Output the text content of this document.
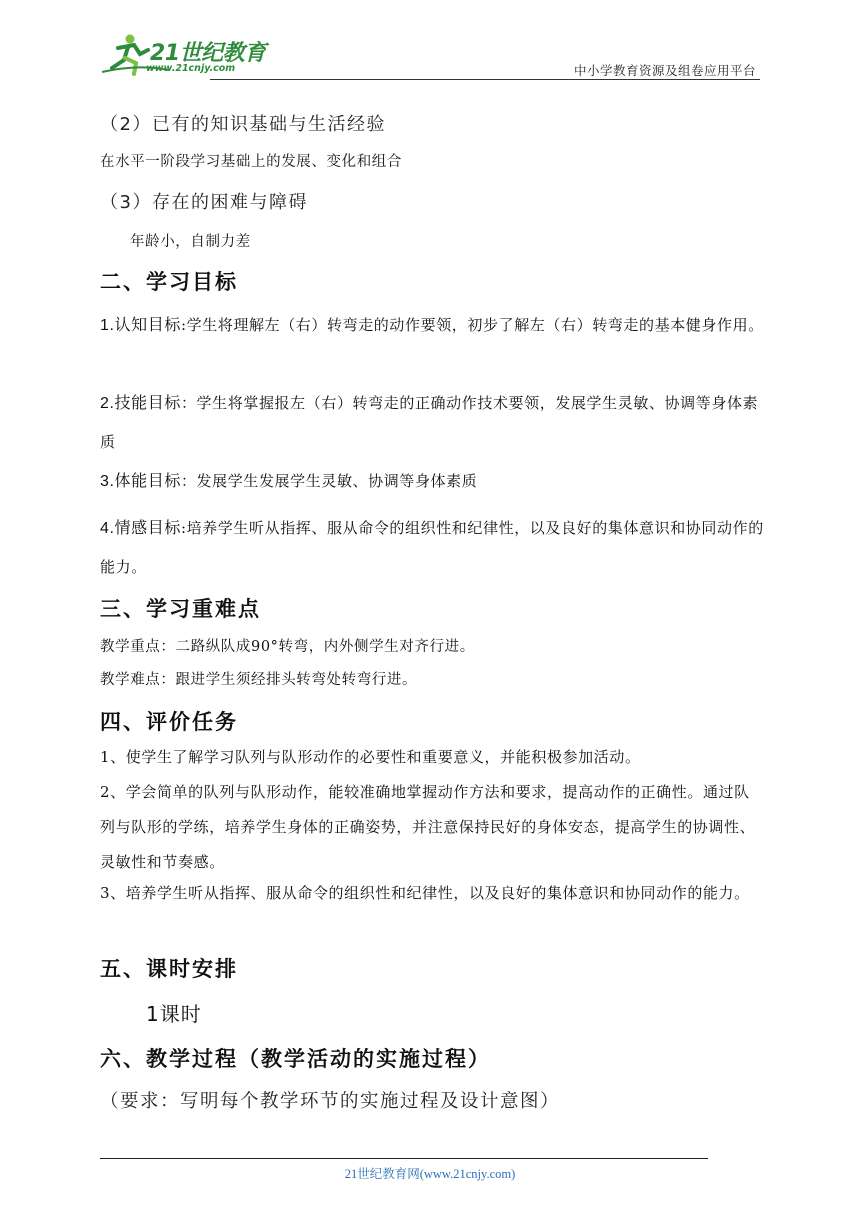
21世纪教育
www.21cnjy.com	中小学教育资源及组卷应用平台

（2）已有的知识基础与生活经验

在水平一阶段学习基础上的发展、变化和组合

（3）存在的困难与障碍

年龄小，自制力差

二、学习目标

1.认知目标:学生将理解左（右）转弯走的动作要领，初步了解左（右）转弯走的基本健身作用。

2.技能目标：学生将掌握报左（右）转弯走的正确动作技术要领，发展学生灵敏、协调等身体素质

3.体能目标：发展学生发展学生灵敏、协调等身体素质

4.情感目标:培养学生听从指挥、服从命令的组织性和纪律性，以及良好的集体意识和协同动作的能力。

三、学习重难点

教学重点：二路纵队成90°转弯，内外侧学生对齐行进。

教学难点：跟进学生须经排头转弯处转弯行进。

四、评价任务

1、使学生了解学习队列与队形动作的必要性和重要意义，并能积极参加活动。

2、学会简单的队列与队形动作，能较准确地掌握动作方法和要求，提高动作的正确性。通过队列与队形的学练，培养学生身体的正确姿势，并注意保持民好的身体安态，提高学生的协调性、灵敏性和节奏感。

3、培养学生听从指挥、服从命令的组织性和纪律性，以及良好的集体意识和协同动作的能力。

五、课时安排

1课时

六、教学过程（教学活动的实施过程）

（要求：写明每个教学环节的实施过程及设计意图）

21世纪教育网(www.21cnjy.com)
